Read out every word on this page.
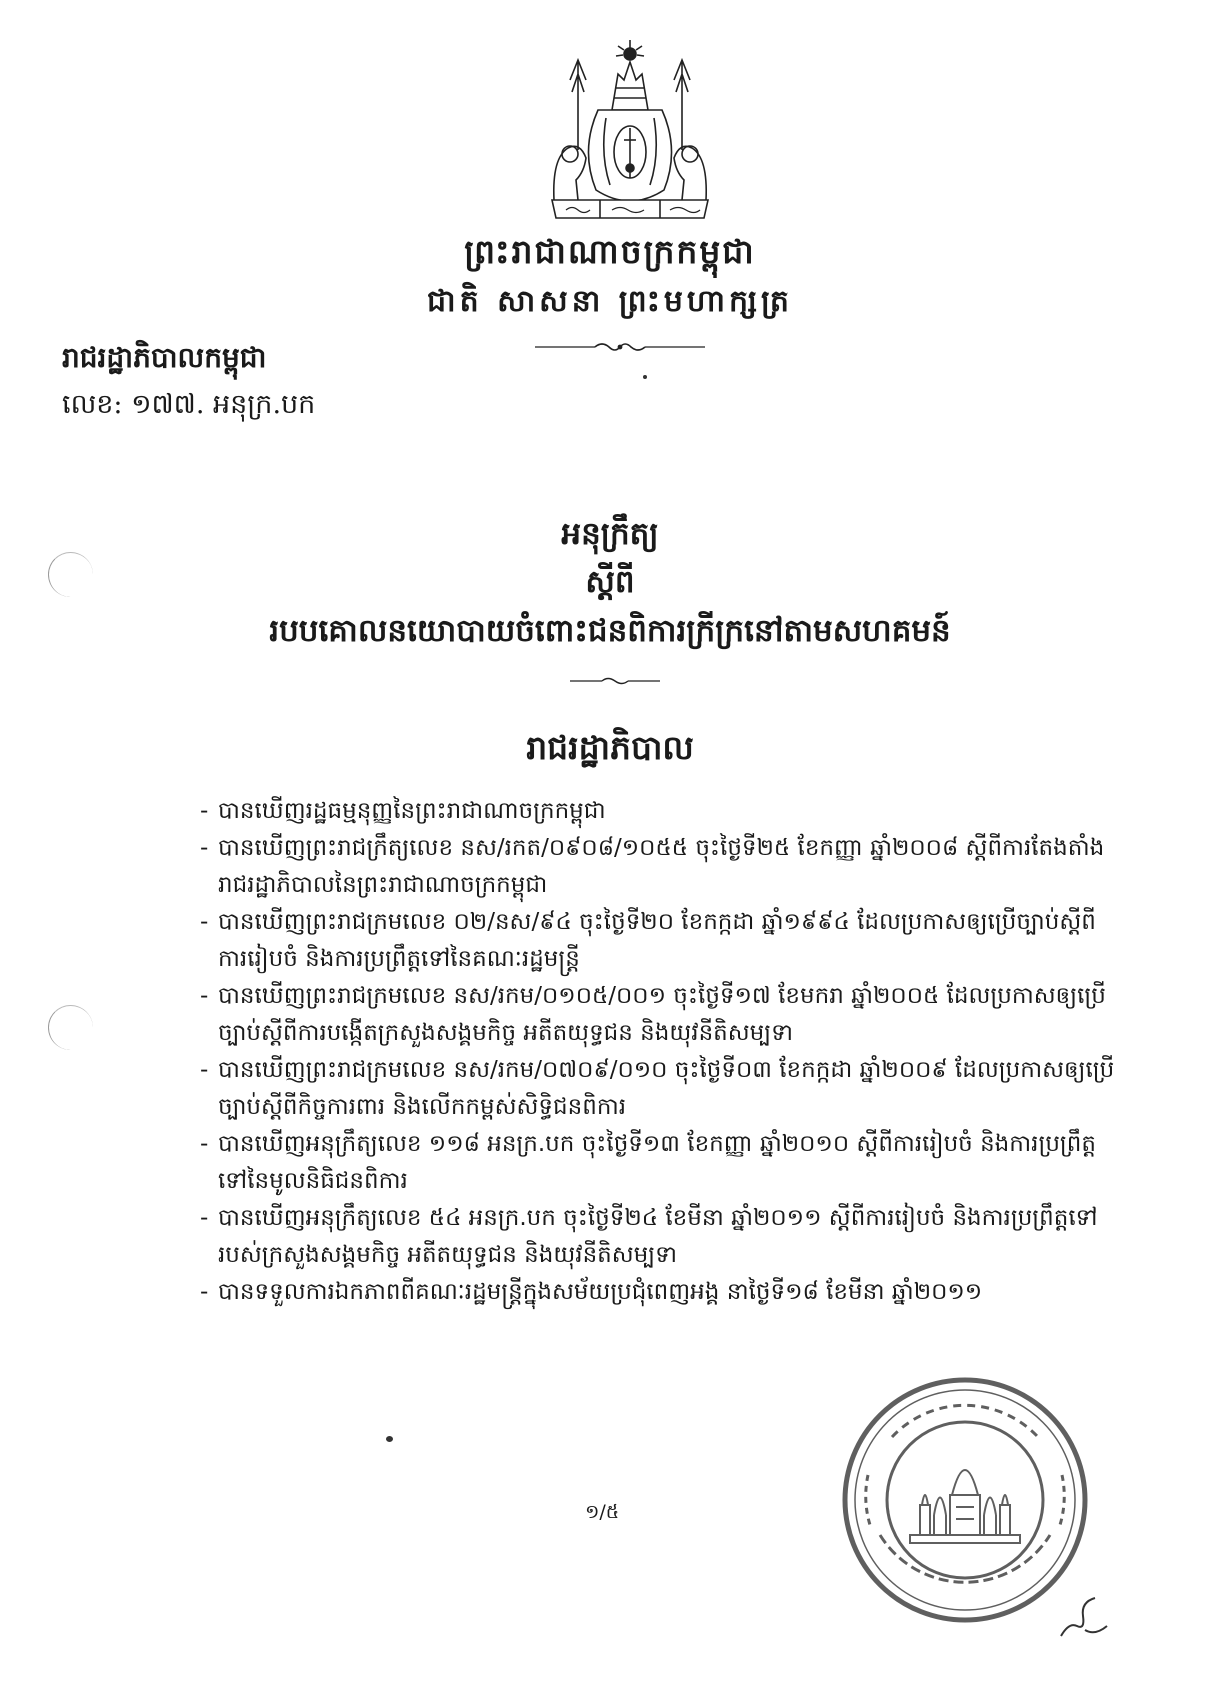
ព្រះរាជាណាចក្រកម្ពុជា
ជាតិ សាសនា ព្រះមហាក្សត្រ
រាជរដ្ឋាភិបាលកម្ពុជា
លេខ: ១៧៧. អនុក្រ.បក
អនុក្រឹត្យ
ស្តីពី
របបគោលនយោបាយចំពោះជនពិការក្រីក្រនៅតាមសហគមន៍
រាជរដ្ឋាភិបាល
- បានឃើញរដ្ឋធម្មនុញ្ញនៃព្រះរាជាណាចក្រកម្ពុជា
- បានឃើញព្រះរាជក្រឹត្យលេខ នស/រកត/០៩០៨/១០៥៥ ចុះថ្ងៃទី២៥ ខែកញ្ញា ឆ្នាំ២០០៨ ស្តីពីការតែងតាំងរាជរដ្ឋាភិបាលនៃព្រះរាជាណាចក្រកម្ពុជា
- បានឃើញព្រះរាជក្រមលេខ ០២/នស/៩៤ ចុះថ្ងៃទី២០ ខែកក្កដា ឆ្នាំ១៩៩៤ ដែលប្រកាសឲ្យប្រើច្បាប់ស្តីពីការរៀបចំ និងការប្រព្រឹត្តទៅនៃគណៈរដ្ឋមន្ត្រី
- បានឃើញព្រះរាជក្រមលេខ នស/រកម/០១០៥/០០១ ចុះថ្ងៃទី១៧ ខែមករា ឆ្នាំ២០០៥ ដែលប្រកាសឲ្យប្រើច្បាប់ស្តីពីការបង្កើតក្រសួងសង្គមកិច្ច អតីតយុទ្ធជន និងយុវនីតិសម្បទា
- បានឃើញព្រះរាជក្រមលេខ នស/រកម/០៧០៩/០១០ ចុះថ្ងៃទី០៣ ខែកក្កដា ឆ្នាំ២០០៩ ដែលប្រកាសឲ្យប្រើច្បាប់ស្តីពីកិច្ចការពារ និងលើកកម្ពស់សិទ្ធិជនពិការ
- បានឃើញអនុក្រឹត្យលេខ ១១៨ អនក្រ.បក ចុះថ្ងៃទី១៣ ខែកញ្ញា ឆ្នាំ២០១០ ស្តីពីការរៀបចំ និងការប្រព្រឹត្តទៅនៃមូលនិធិជនពិការ
- បានឃើញអនុក្រឹត្យលេខ ៥៤ អនក្រ.បក ចុះថ្ងៃទី២៤ ខែមីនា ឆ្នាំ២០១១ ស្តីពីការរៀបចំ និងការប្រព្រឹត្តទៅរបស់ក្រសួងសង្គមកិច្ច អតីតយុទ្ធជន និងយុវនីតិសម្បទា
- បានទទួលការឯកភាពពីគណៈរដ្ឋមន្ត្រីក្នុងសម័យប្រជុំពេញអង្គ នាថ្ងៃទី១៨ ខែមីនា ឆ្នាំ២០១១
១/៥
